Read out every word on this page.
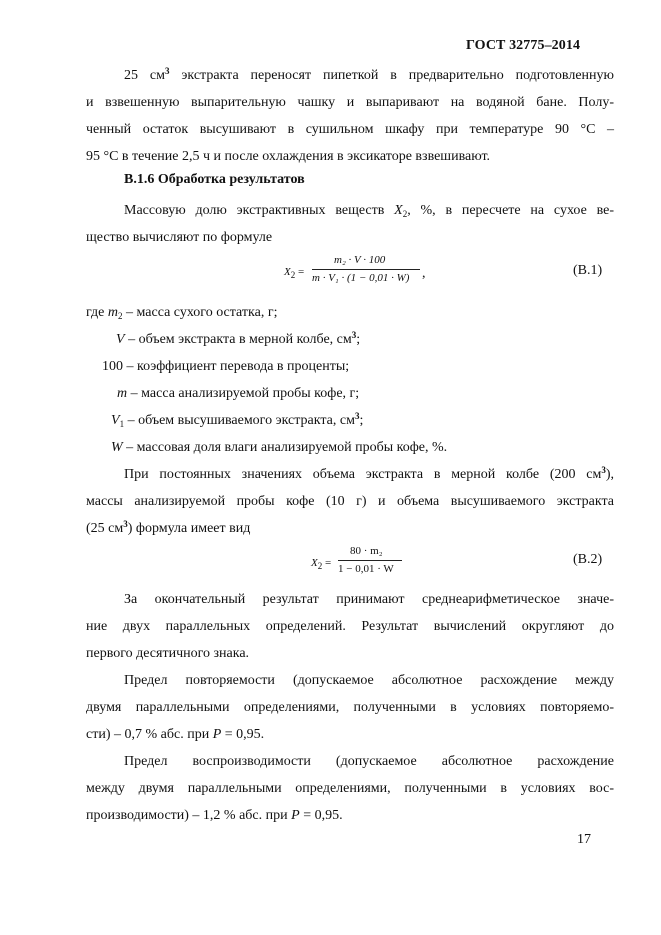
ГОСТ 32775–2014
25 $см^3$ экстракта переносят пипеткой в предварительно подготовленную
и взвешенную выпарительную чашку и выпаривают на водяной бане. Полу-
ченный остаток высушивают в сушильном шкафу при температуре 90 °С –
95 °С в течение 2,5 ч и после охлаждения в эксикаторе взвешивают.
В.1.6 Обработка результатов
Массовую долю экстрактивных веществ $X_2$, %, в пересчете на сухое ве-
щество вычисляют по формуле
$X_2$ =
m₂ · V · 100
m · V₁ · (1 − 0,01 · W) ,	(В.1)
где $m_2$ – масса сухого остатка, г;
V – объем экстракта в мерной колбе, $см^3$;
100 – коэффициент перевода в проценты;
m – масса анализируемой пробы кофе, г;
$V_1$ – объем высушиваемого экстракта, $см^3$;
W – массовая доля влаги анализируемой пробы кофе, %.
При постоянных значениях объема экстракта в мерной колбе (200 $см^3$),
массы анализируемой пробы кофе (10 г) и объема высушиваемого экстракта
(25 $см^3$) формула имеет вид
$X_2$ =
80 · m₂
1 − 0,01 · W
(В.2)
За окончательный результат принимают среднеарифметическое значе-
ние двух параллельных определений. Результат вычислений округляют до
первого десятичного знака.
Предел повторяемости (допускаемое абсолютное расхождение между
двумя параллельными определениями, полученными в условиях повторяемо-
сти) – 0,7 % абс. при P = 0,95.
Предел воспроизводимости (допускаемое абсолютное расхождение
между двумя параллельными определениями, полученными в условиях вос-
производимости) – 1,2 % абс. при P = 0,95.
17
